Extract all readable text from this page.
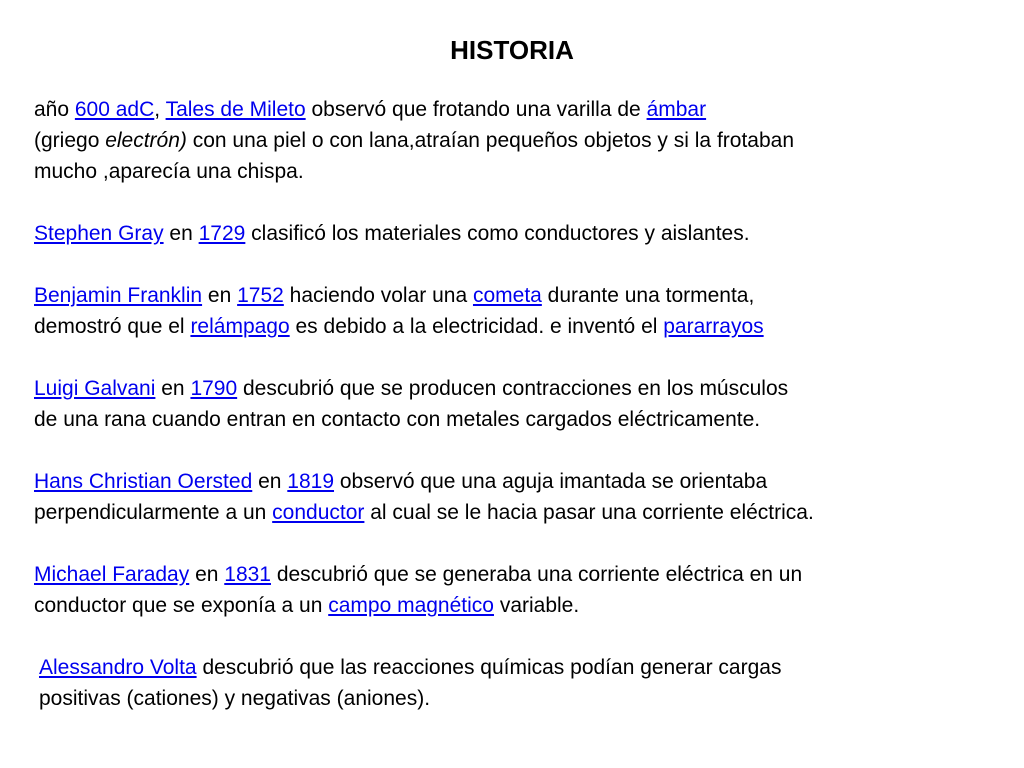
HISTORIA

año 600 adC, Tales de Mileto observó que frotando una varilla de ámbar
(griego electrón) con una piel o con lana,atraían pequeños objetos y si la frotaban
mucho ,aparecía una chispa.

Stephen Gray en 1729 clasificó los materiales como conductores y aislantes.

Benjamin Franklin en 1752 haciendo volar una cometa durante una tormenta,
demostró que el relámpago es debido a la electricidad. e inventó el pararrayos

Luigi Galvani en 1790 descubrió que se producen contracciones en los músculos
de una rana cuando entran en contacto con metales cargados eléctricamente.

Hans Christian Oersted en 1819 observó que una aguja imantada se orientaba
perpendicularmente a un conductor al cual se le hacia pasar una corriente eléctrica.

Michael Faraday en 1831 descubrió que se generaba una corriente eléctrica en un
conductor que se exponía a un campo magnético variable.

Alessandro Volta descubrió que las reacciones químicas podían generar cargas
positivas (cationes) y negativas (aniones).
